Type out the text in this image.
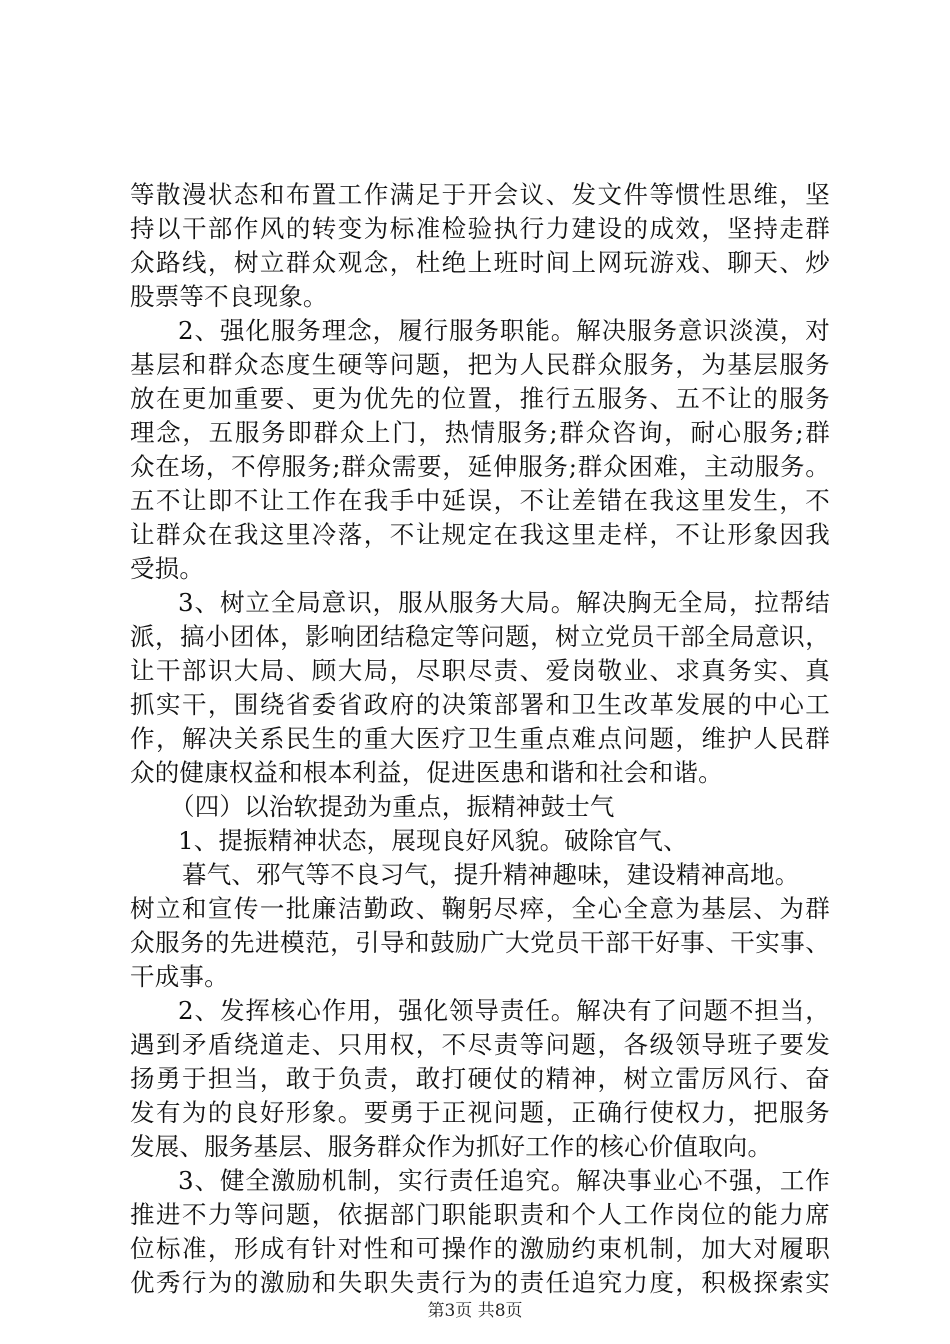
等散漫状态和布置工作满足于开会议、发文件等惯性思维，坚
持以干部作风的转变为标准检验执行力建设的成效，坚持走群
众路线，树立群众观念，杜绝上班时间上网玩游戏、聊天、炒
股票等不良现象。
2、强化服务理念，履行服务职能。解决服务意识淡漠，对
基层和群众态度生硬等问题，把为人民群众服务，为基层服务
放在更加重要、更为优先的位置，推行五服务、五不让的服务
理念，五服务即群众上门，热情服务;群众咨询，耐心服务;群
众在场，不停服务;群众需要，延伸服务;群众困难，主动服务。
五不让即不让工作在我手中延误，不让差错在我这里发生，不
让群众在我这里冷落，不让规定在我这里走样，不让形象因我
受损。
3、树立全局意识，服从服务大局。解决胸无全局，拉帮结
派，搞小团体，影响团结稳定等问题，树立党员干部全局意识，
让干部识大局、顾大局，尽职尽责、爱岗敬业、求真务实、真
抓实干，围绕省委省政府的决策部署和卫生改革发展的中心工
作，解决关系民生的重大医疗卫生重点难点问题，维护人民群
众的健康权益和根本利益，促进医患和谐和社会和谐。
（四）以治软提劲为重点，振精神鼓士气
1、提振精神状态，展现良好风貌。破除官气、
暮气、邪气等不良习气，提升精神趣味，建设精神高地。
树立和宣传一批廉洁勤政、鞠躬尽瘁，全心全意为基层、为群
众服务的先进模范，引导和鼓励广大党员干部干好事、干实事、
干成事。
2、发挥核心作用，强化领导责任。解决有了问题不担当，
遇到矛盾绕道走、只用权，不尽责等问题，各级领导班子要发
扬勇于担当，敢于负责，敢打硬仗的精神，树立雷厉风行、奋
发有为的良好形象。要勇于正视问题，正确行使权力，把服务
发展、服务基层、服务群众作为抓好工作的核心价值取向。
3、健全激励机制，实行责任追究。解决事业心不强，工作
推进不力等问题，依据部门职能职责和个人工作岗位的能力席
位标准，形成有针对性和可操作的激励约束机制，加大对履职
优秀行为的激励和失职失责行为的责任追究力度，积极探索实
第3页 共8页
